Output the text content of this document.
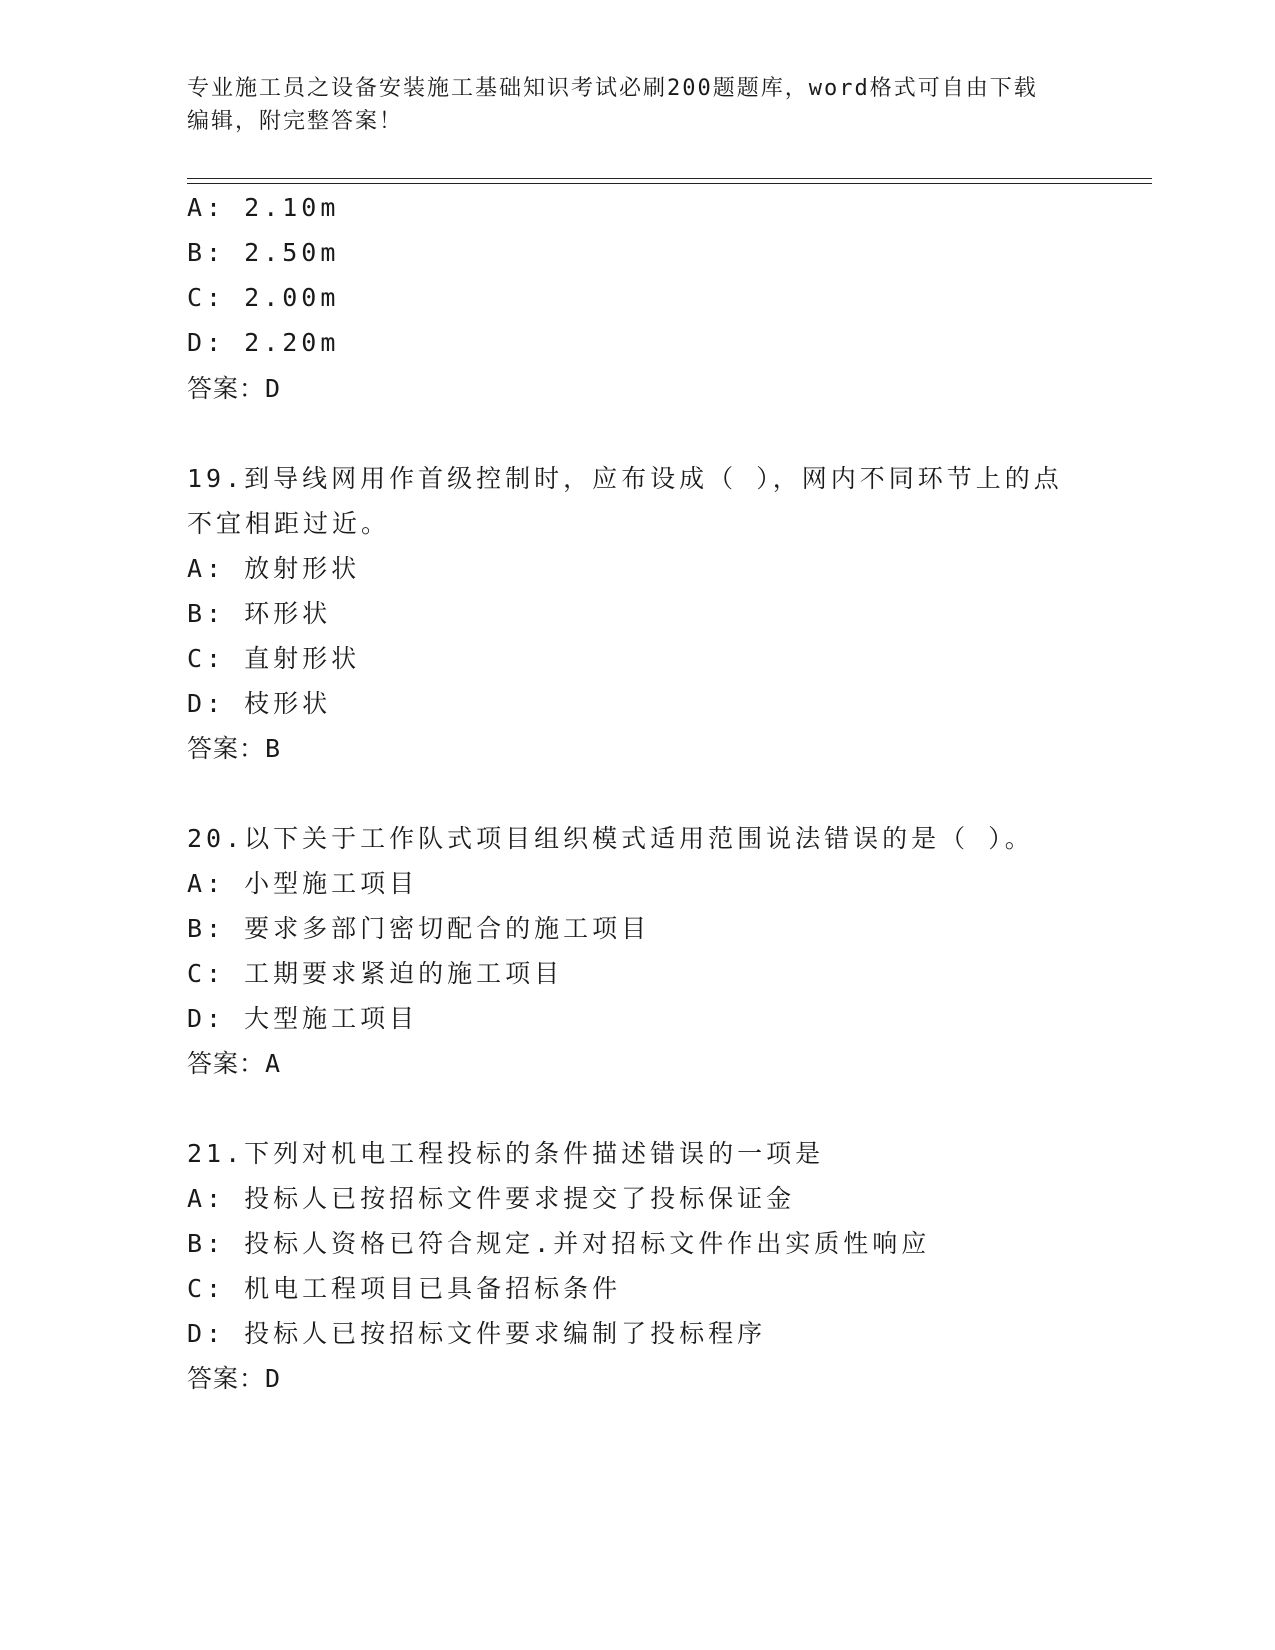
专业施工员之设备安装施工基础知识考试必刷200题题库，word格式可自由下载
编辑，附完整答案！
A: 2.10m
B: 2.50m
C: 2.00m
D: 2.20m
答案：D
19.到导线网用作首级控制时，应布设成（ ），网内不同环节上的点
不宜相距过近。
A: 放射形状
B: 环形状
C: 直射形状
D: 枝形状
答案：B
20.以下关于工作队式项目组织模式适用范围说法错误的是（ ）。
A: 小型施工项目
B: 要求多部门密切配合的施工项目
C: 工期要求紧迫的施工项目
D: 大型施工项目
答案：A
21.下列对机电工程投标的条件描述错误的一项是
A: 投标人已按招标文件要求提交了投标保证金
B: 投标人资格已符合规定.并对招标文件作出实质性响应
C: 机电工程项目已具备招标条件
D: 投标人已按招标文件要求编制了投标程序
答案：D
